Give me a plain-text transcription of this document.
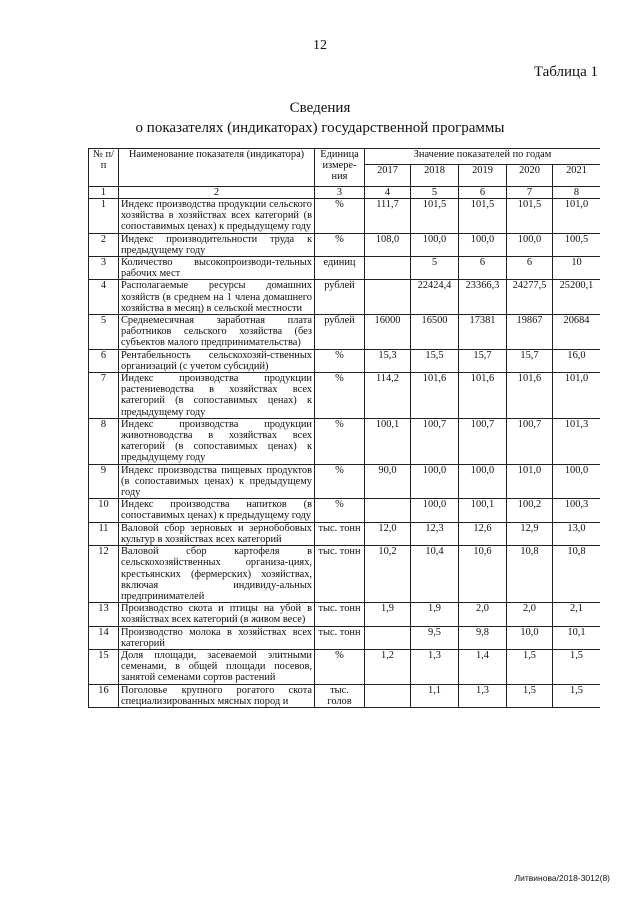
12
Таблица 1
Сведения
о показателях (индикаторах) государственной программы
№ п/п	Наименование показателя (индикатора)	Единица измере-ния	Значение показателей по годам				
			2017	2018	2019	2020	2021
1	2	3	4	5	6	7	8
1	Индекс производства продукции сельского хозяйства в хозяйствах всех категорий (в сопоставимых ценах) к предыдущему году	%	111,7	101,5	101,5	101,5	101,0
2	Индекс производительности труда к предыдущему году	%	108,0	100,0	100,0	100,0	100,5
3	Количество высокопроизводи-тельных рабочих мест	единиц		5	6	6	10
4	Располагаемые ресурсы домашних хозяйств (в среднем на 1 члена домашнего хозяйства в месяц) в сельской местности	рублей		22424,4	23366,3	24277,5	25200,1
5	Среднемесячная заработная плата работников сельского хозяйства (без субъектов малого предпринимательства)	рублей	16000	16500	17381	19867	20684
6	Рентабельность сельскохозяй-ственных организаций (с учетом субсидий)	%	15,3	15,5	15,7	15,7	16,0
7	Индекс производства продукции растениеводства в хозяйствах всех категорий (в сопоставимых ценах) к предыдущему году	%	114,2	101,6	101,6	101,6	101,0
8	Индекс производства продукции животноводства в хозяйствах всех категорий (в сопоставимых ценах) к предыдущему году	%	100,1	100,7	100,7	100,7	101,3
9	Индекс производства пищевых продуктов (в сопоставимых ценах) к предыдущему году	%	90,0	100,0	100,0	101,0	100,0
10	Индекс производства напитков (в сопоставимых ценах) к предыдущему году	%		100,0	100,1	100,2	100,3
11	Валовой сбор зерновых и зернобобовых культур в хозяйствах всех категорий	тыс. тонн	12,0	12,3	12,6	12,9	13,0
12	Валовой сбор картофеля в сельскохозяйственных организа-циях, крестьянских (фермерских) хозяйствах, включая индивиду-альных предпринимателей	тыс. тонн	10,2	10,4	10,6	10,8	10,8
13	Производство скота и птицы на убой в хозяйствах всех категорий (в живом весе)	тыс. тонн	1,9	1,9	2,0	2,0	2,1
14	Производство молока в хозяйствах всех категорий	тыс. тонн		9,5	9,8	10,0	10,1
15	Доля площади, засеваемой элитными семенами, в общей площади посевов, занятой семенами сортов растений	%	1,2	1,3	1,4	1,5	1,5
16	Поголовье крупного рогатого скота специализированных мясных пород и	тыс. голов		1,1	1,3	1,5	1,5
Литвинова/2018-3012(8)
